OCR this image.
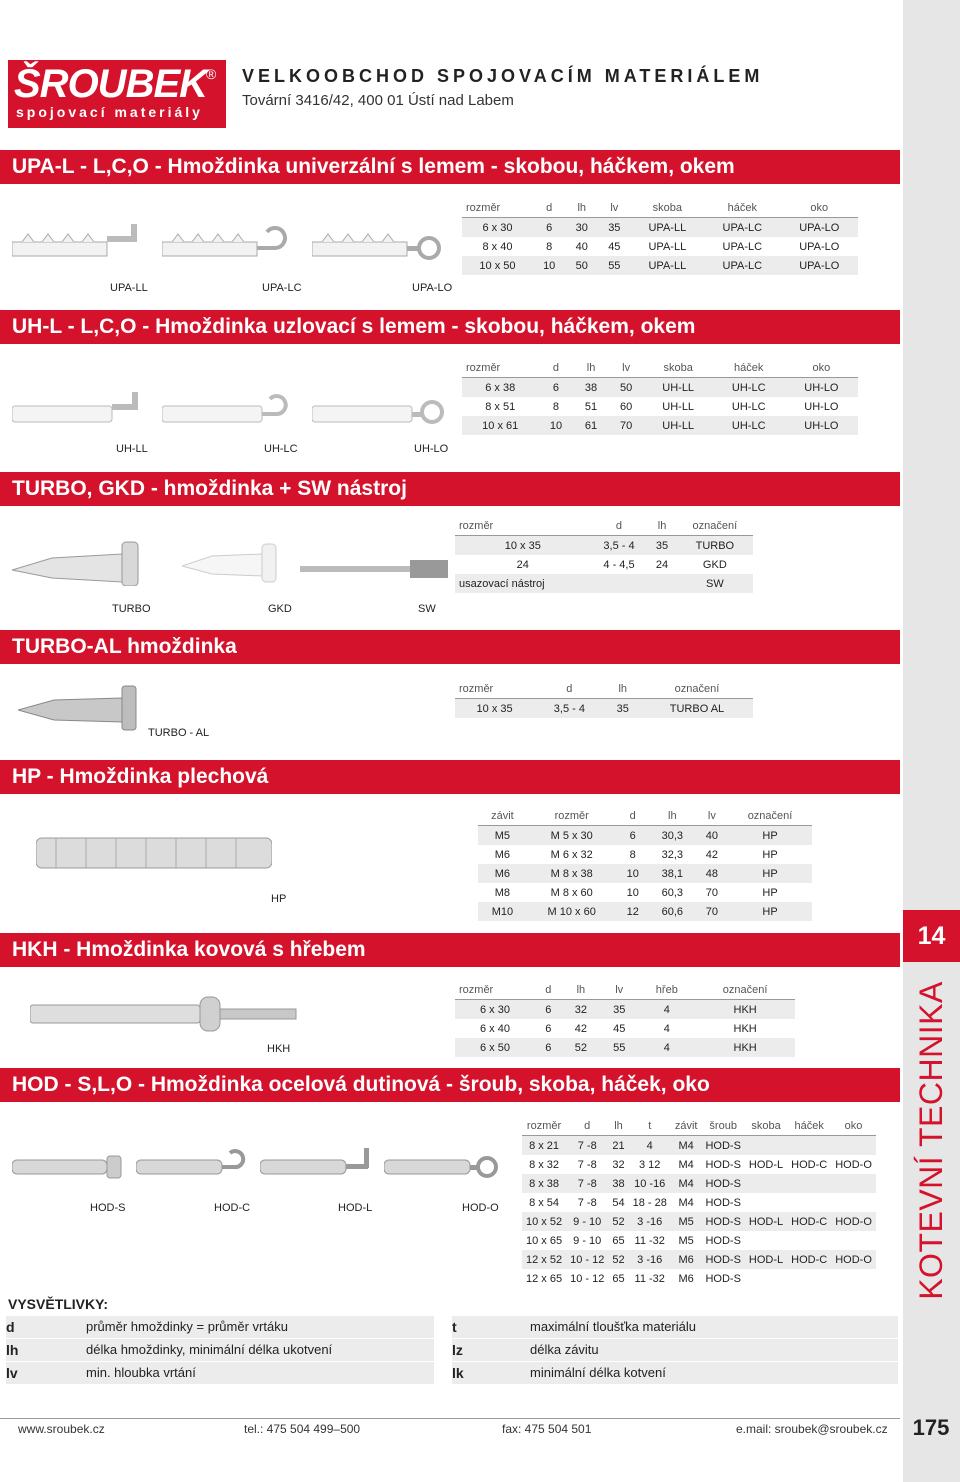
14
KOTEVNÍ TECHNIKA
ŠROUBEK
®
spojovací materiály
VELKOOBCHOD SPOJOVACÍM MATERIÁLEM
Tovární 3416/42, 400 01 Ústí nad Labem
UPA-L - L,C,O - Hmoždinka univerzální s lemem - skobou, háčkem, okem
UPA-LL	UPA-LC	UPA-LO
rozměr	d	lh	lv	skoba	háček	oko
6 x 30	6	30	35	UPA-LL	UPA-LC	UPA-LO
8 x 40	8	40	45	UPA-LL	UPA-LC	UPA-LO
10 x 50	10	50	55	UPA-LL	UPA-LC	UPA-LO
UH-L - L,C,O - Hmoždinka uzlovací s lemem - skobou, háčkem, okem
UH-LL	UH-LC	UH-LO
rozměr	d	lh	lv	skoba	háček	oko
6 x 38	6	38	50	UH-LL	UH-LC	UH-LO
8 x 51	8	51	60	UH-LL	UH-LC	UH-LO
10 x 61	10	61	70	UH-LL	UH-LC	UH-LO
TURBO, GKD - hmoždinka + SW nástroj
TURBO	GKD	SW
rozměr	d	lh	označení
10 x 35	3,5 - 4	35	TURBO
24	4 - 4,5	24	GKD
usazovací nástroj			SW
TURBO-AL hmoždinka
TURBO - AL
rozměr	d	lh	označení
10 x 35	3,5 - 4	35	TURBO AL
HP - Hmoždinka plechová
HP
závit	rozměr	d	lh	lv	označení
M5	M 5 x 30	6	30,3	40	HP
M6	M 6 x 32	8	32,3	42	HP
M6	M 8 x 38	10	38,1	48	HP
M8	M 8 x 60	10	60,3	70	HP
M10	M 10 x 60	12	60,6	70	HP
HKH - Hmoždinka kovová s hřebem
HKH
rozměr	d	lh	lv	hřeb	označení
6 x 30	6	32	35	4	HKH
6 x 40	6	42	45	4	HKH
6 x 50	6	52	55	4	HKH
HOD - S,L,O - Hmoždinka ocelová dutinová - šroub, skoba, háček, oko
HOD-S	HOD-C	HOD-L	HOD-O
rozměr	d	lh	t	závit	šroub	skoba	háček	oko
8 x 21	7 -8	21	4	M4	HOD-S			
8 x 32	7 -8	32	3 12	M4	HOD-S	HOD-L	HOD-C	HOD-O
8 x 38	7 -8	38	10 -16	M4	HOD-S			
8 x 54	7 -8	54	18 - 28	M4	HOD-S			
10 x 52	9 - 10	52	3 -16	M5	HOD-S	HOD-L	HOD-C	HOD-O
10 x 65	9 - 10	65	11 -32	M5	HOD-S			
12 x 52	10 - 12	52	3 -16	M6	HOD-S	HOD-L	HOD-C	HOD-O
12 x 65	10 - 12	65	11 -32	M6	HOD-S			
VYSVĚTLIVKY:
d	průměr hmoždinky = průměr vrtáku
lh	délka hmoždinky, minimální délka ukotvení
lv	min. hloubka vrtání
t	maximální tloušťka materiálu
lz	délka závitu
lk	minimální délka kotvení
www.sroubek.cz	tel.: 475 504 499–500	fax: 475 504 501	e.mail: sroubek@sroubek.cz	175
